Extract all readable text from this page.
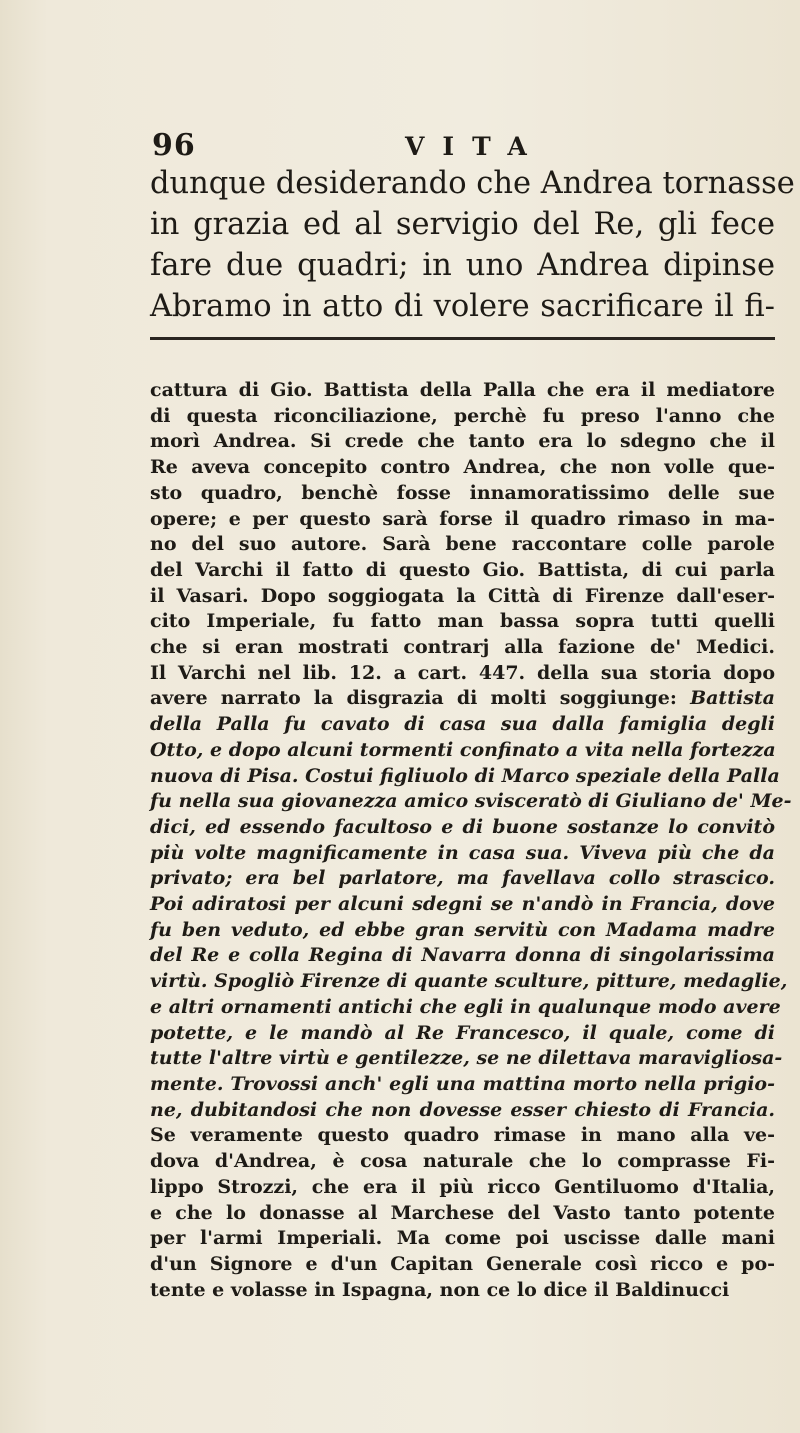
96	VITA
dunque desiderando che Andrea tornasse
in grazia ed al servigio del Re, gli fece
fare due quadri; in uno Andrea dipinse
Abramo in atto di volere sacrificare il fi-
cattura di Gio. Battista della Palla che era il mediatore
di questa riconciliazione, perchè fu preso l'anno che
morì Andrea. Si crede che tanto era lo sdegno che il
Re aveva concepito contro Andrea, che non volle que-
sto quadro, benchè fosse innamoratissimo delle sue
opere; e per questo sarà forse il quadro rimaso in ma-
no del suo autore. Sarà bene raccontare colle parole
del Varchi il fatto di questo Gio. Battista, di cui parla
il Vasari. Dopo soggiogata la Città di Firenze dall'eser-
cito Imperiale, fu fatto man bassa sopra tutti quelli
che si eran mostrati contrarj alla fazione de' Medici.
Il Varchi nel lib. 12. a cart. 447. della sua storia dopo
avere narrato la disgrazia di molti soggiunge: Battista
della Palla fu cavato di casa sua dalla famiglia degli
Otto, e dopo alcuni tormenti confinato a vita nella fortezza
nuova di Pisa. Costui figliuolo di Marco speziale della Palla
fu nella sua giovanezza amico svisceratò di Giuliano de' Me-
dici, ed essendo facultoso e di buone sostanze lo convitò
più volte magnificamente in casa sua. Viveva più che da
privato; era bel parlatore, ma favellava collo strascico.
Poi adiratosi per alcuni sdegni se n'andò in Francia, dove
fu ben veduto, ed ebbe gran servitù con Madama madre
del Re e colla Regina di Navarra donna di singolarissima
virtù. Spogliò Firenze di quante sculture, pitture, medaglie,
e altri ornamenti antichi che egli in qualunque modo avere
potette, e le mandò al Re Francesco, il quale, come di
tutte l'altre virtù e gentilezze, se ne dilettava maravigliosa-
mente. Trovossi anch' egli una mattina morto nella prigio-
ne, dubitandosi che non dovesse esser chiesto di Francia.
Se veramente questo quadro rimase in mano alla ve-
dova d'Andrea, è cosa naturale che lo comprasse Fi-
lippo Strozzi, che era il più ricco Gentiluomo d'Italia,
e che lo donasse al Marchese del Vasto tanto potente
per l'armi Imperiali. Ma come poi uscisse dalle mani
d'un Signore e d'un Capitan Generale così ricco e po-
tente e volasse in Ispagna, non ce lo dice il Baldinucci
